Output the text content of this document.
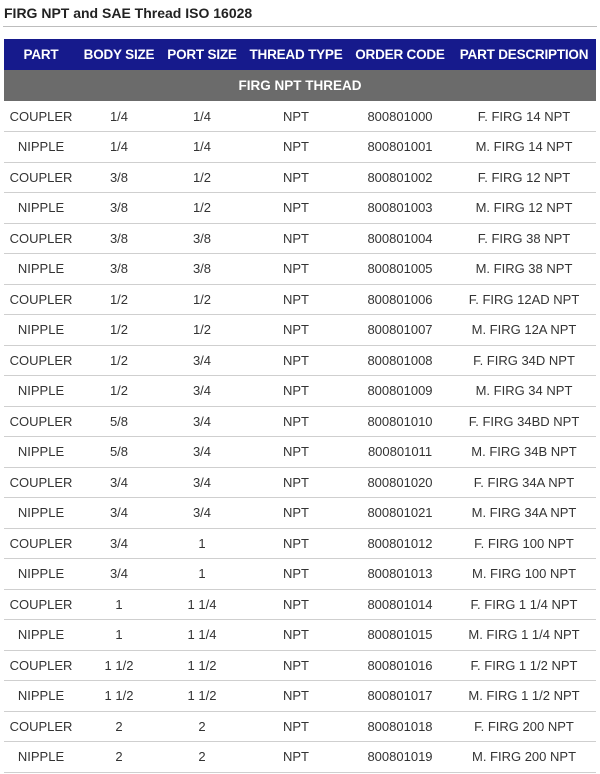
FIRG NPT and SAE Thread ISO 16028
PART	BODY SIZE	PORT SIZE	THREAD TYPE	ORDER CODE	PART DESCRIPTION
FIRG NPT THREAD					
COUPLER	1/4	1/4	NPT	800801000	F. FIRG 14 NPT
NIPPLE	1/4	1/4	NPT	800801001	M. FIRG 14 NPT
COUPLER	3/8	1/2	NPT	800801002	F. FIRG 12 NPT
NIPPLE	3/8	1/2	NPT	800801003	M. FIRG 12 NPT
COUPLER	3/8	3/8	NPT	800801004	F. FIRG 38 NPT
NIPPLE	3/8	3/8	NPT	800801005	M. FIRG 38 NPT
COUPLER	1/2	1/2	NPT	800801006	F. FIRG 12AD NPT
NIPPLE	1/2	1/2	NPT	800801007	M. FIRG 12A NPT
COUPLER	1/2	3/4	NPT	800801008	F. FIRG 34D NPT
NIPPLE	1/2	3/4	NPT	800801009	M. FIRG 34 NPT
COUPLER	5/8	3/4	NPT	800801010	F. FIRG 34BD NPT
NIPPLE	5/8	3/4	NPT	800801011	M. FIRG 34B NPT
COUPLER	3/4	3/4	NPT	800801020	F. FIRG 34A NPT
NIPPLE	3/4	3/4	NPT	800801021	M. FIRG 34A NPT
COUPLER	3/4	1	NPT	800801012	F. FIRG 100 NPT
NIPPLE	3/4	1	NPT	800801013	M. FIRG 100 NPT
COUPLER	1	1 1/4	NPT	800801014	F. FIRG 1 1/4 NPT
NIPPLE	1	1 1/4	NPT	800801015	M. FIRG 1 1/4 NPT
COUPLER	1 1/2	1 1/2	NPT	800801016	F. FIRG 1 1/2 NPT
NIPPLE	1 1/2	1 1/2	NPT	800801017	M. FIRG 1 1/2 NPT
COUPLER	2	2	NPT	800801018	F. FIRG 200 NPT
NIPPLE	2	2	NPT	800801019	M. FIRG 200 NPT
